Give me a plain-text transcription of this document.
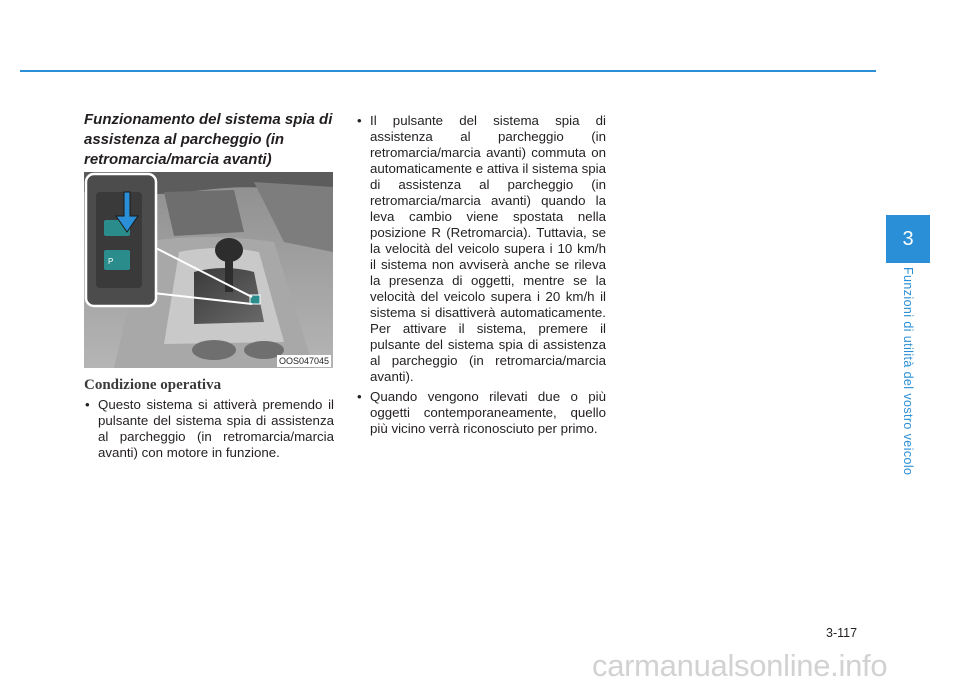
Funzionamento del sistema spia di assistenza al parcheggio (in retromarcia/marcia avanti)
P
OOS047045
Condizione operativa
• Questo sistema si attiverà premendo il pulsante del sistema spia di assistenza al parcheggio (in retromarcia/marcia avanti) con motore in funzione.
• Il pulsante del sistema spia di assistenza al parcheggio (in retromarcia/marcia avanti) commuta on automaticamente e attiva il sistema spia di assistenza al parcheggio (in retromarcia/marcia avanti) quando la leva cambio viene spostata nella posizione R (Retromarcia). Tuttavia, se la velocità del veicolo supera i 10 km/h il sistema non avviserà anche se rileva la presenza di oggetti, mentre se la velocità del veicolo supera i 20 km/h il sistema si disattiverà automaticamente. Per attivare il sistema, premere il pulsante del sistema spia di assistenza al parcheggio (in retromarcia/marcia avanti).
• Quando vengono rilevati due o più oggetti contemporaneamente, quello più vicino verrà riconosciuto per primo.
3
Funzioni di utilità del vostro veicolo
3-117
carmanualsonline.info
